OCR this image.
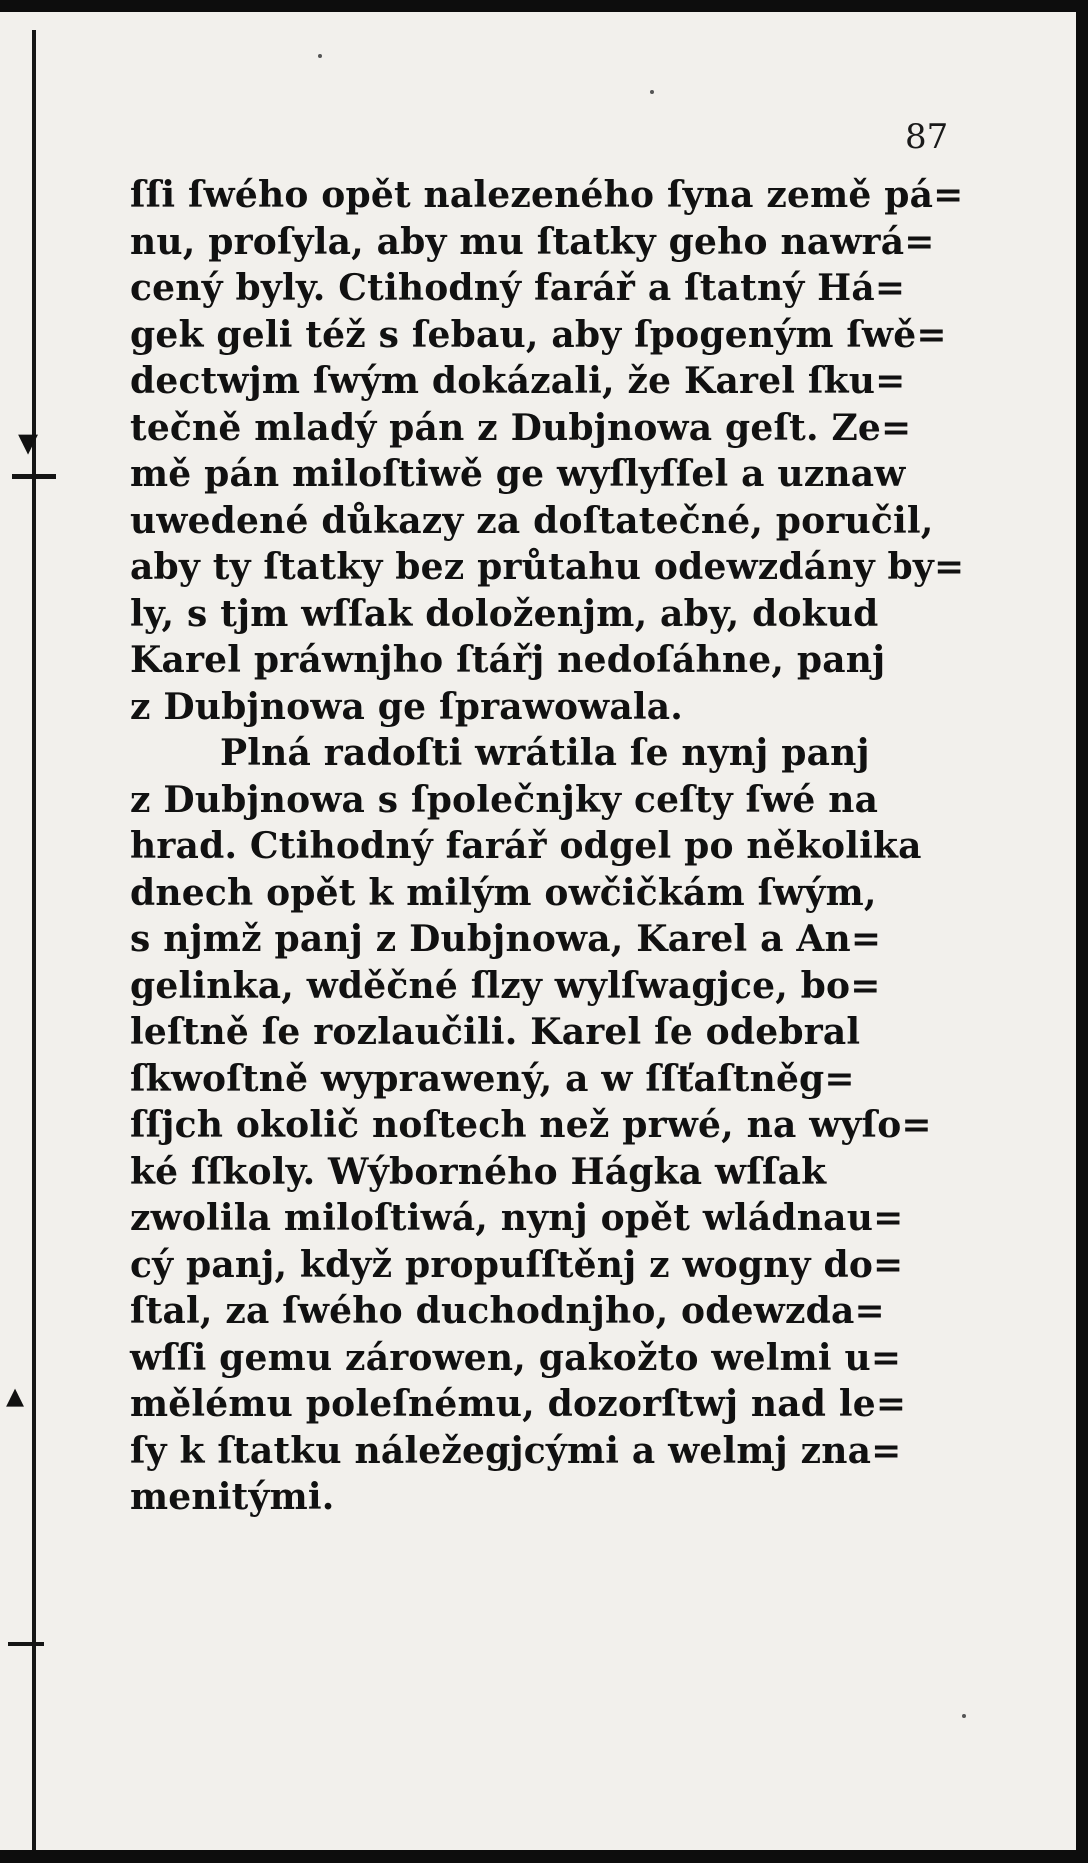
▾
▴
87
ſſi ſwého opět nalezeného ſyna země pá=
nu, proſyla, aby mu ſtatky geho nawrá=
cený byly. Ctihodný farář a ſtatný Há=
gek geli též s ſebau, aby ſpogeným ſwě=
dectwjm ſwým dokázali, že Karel ſku=
tečně mladý pán z Dubjnowa geſt. Ze=
mě pán miloſtiwě ge wyſlyſſel a uznaw
uwedené důkazy za doſtatečné, poručil,
aby ty ſtatky bez průtahu odewzdány by=
ly, s tjm wſſak doloženjm, aby, dokud
Karel práwnjho ſtářj nedoſáhne, panj
z Dubjnowa ge ſprawowala.
Plná radoſti wrátila ſe nynj panj
z Dubjnowa s ſpolečnjky ceſty ſwé na
hrad. Ctihodný farář odgel po několika
dnech opět k milým owčičkám ſwým,
s njmž panj z Dubjnowa, Karel a An=
gelinka, wděčné ſlzy wylſwagjce, bo=
leſtně ſe rozlaučili. Karel ſe odebral
ſkwoſtně wyprawený, a w ſſťaſtněg=
ſſjch okolič noſtech než prwé, na wyſo=
ké ſſkoly. Wýborného Hágka wſſak
zwolila miloſtiwá, nynj opět wládnau=
cý panj, když propuſſtěnj z wogny do=
ſtal, za ſwého duchodnjho, odewzda=
wſſi gemu zárowen, gakožto welmi u=
mělému poleſnému, dozorſtwj nad le=
ſy k ſtatku náležegjcými a welmj zna=
menitými.
